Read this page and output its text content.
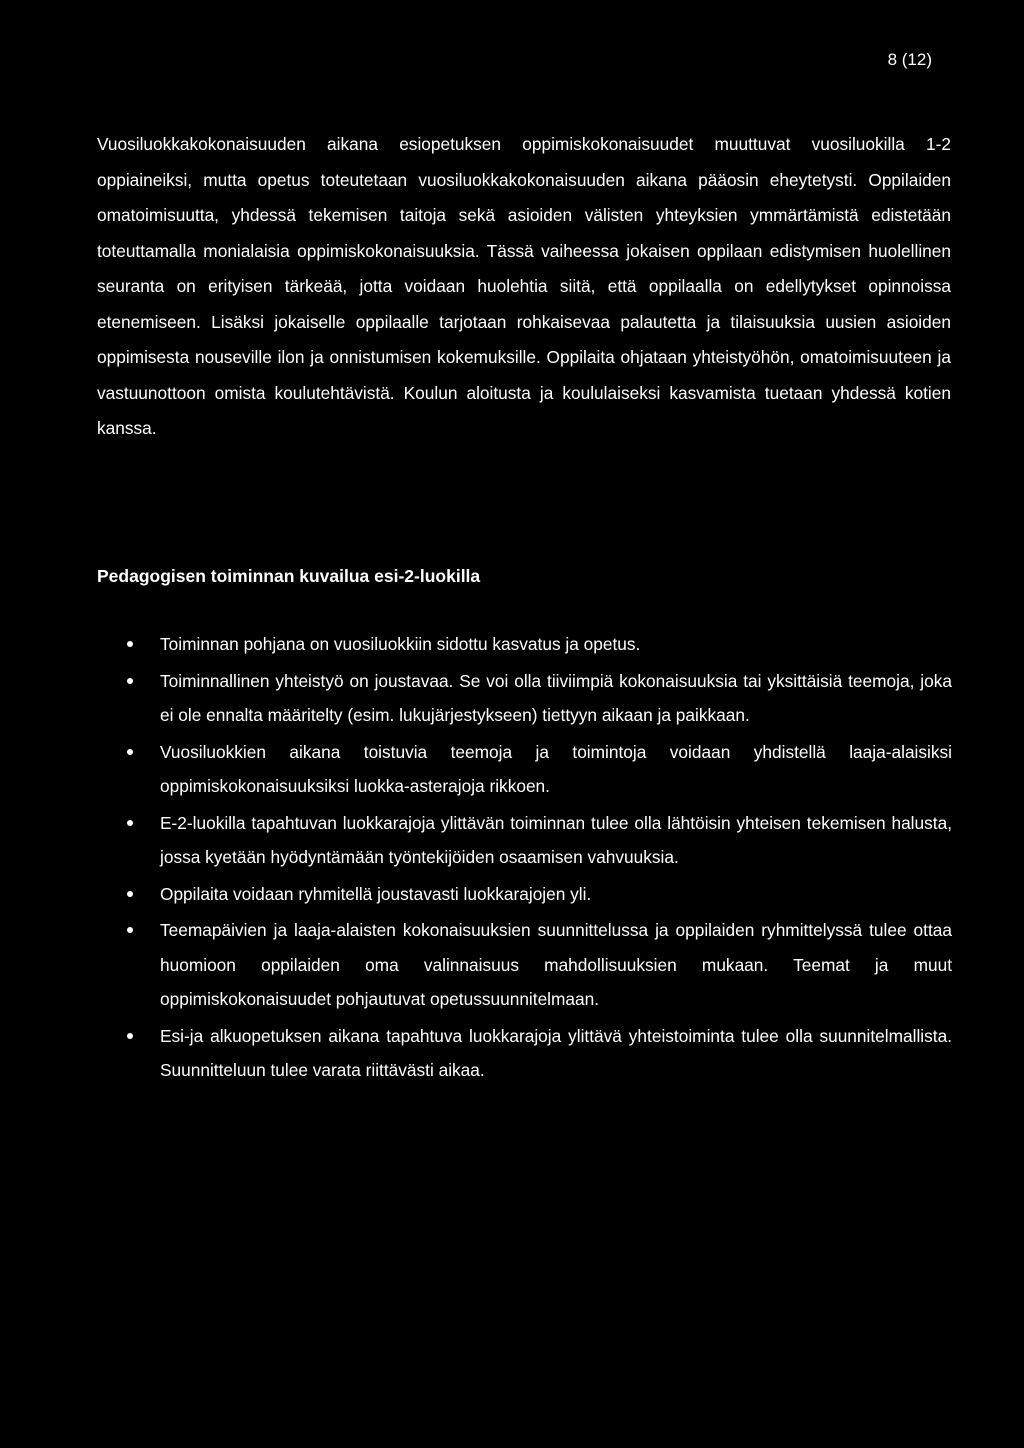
8 (12)

Vuosiluokkakokonaisuuden aikana esiopetuksen oppimiskokonaisuudet muuttuvat vuosiluokilla 1-2 oppiaineiksi, mutta opetus toteutetaan vuosiluokkakokonaisuuden aikana pääosin eheytetysti. Oppilaiden omatoimisuutta, yhdessä tekemisen taitoja sekä asioiden välisten yhteyksien ymmärtämistä edistetään toteuttamalla monialaisia oppimiskokonaisuuksia. Tässä vaiheessa jokaisen oppilaan edistymisen huolellinen seuranta on erityisen tärkeää, jotta voidaan huolehtia siitä, että oppilaalla on edellytykset opinnoissa etenemiseen. Lisäksi jokaiselle oppilaalle tarjotaan rohkaisevaa palautetta ja tilaisuuksia uusien asioiden oppimisesta nouseville ilon ja onnistumisen kokemuksille. Oppilaita ohjataan yhteistyöhön, omatoimisuuteen ja vastuunottoon omista koulutehtävistä. Koulun aloitusta ja koululaiseksi kasvamista tuetaan yhdessä kotien kanssa.

Pedagogisen toiminnan kuvailua esi-2-luokilla
Toiminnan pohjana on vuosiluokkiin sidottu kasvatus ja opetus.
Toiminnallinen yhteistyö on joustavaa. Se voi olla tiiviimpiä kokonaisuuksia tai yksittäisiä teemoja, joka ei ole ennalta määritelty (esim. lukujärjestykseen) tiettyyn aikaan ja paikkaan.
Vuosiluokkien aikana toistuvia teemoja ja toimintoja voidaan yhdistellä laaja-alaisiksi oppimiskokonaisuuksiksi luokka-asterajoja rikkoen.
E-2-luokilla tapahtuvan luokkarajoja ylittävän toiminnan tulee olla lähtöisin yhteisen tekemisen halusta, jossa kyetään hyödyntämään työntekijöiden osaamisen vahvuuksia.
Oppilaita voidaan ryhmitellä joustavasti luokkarajojen yli.
Teemapäivien ja laaja-alaisten kokonaisuuksien suunnittelussa ja oppilaiden ryhmittelyssä tulee ottaa huomioon oppilaiden oma valinnaisuus mahdollisuuksien mukaan. Teemat ja muut oppimiskokonaisuudet pohjautuvat opetussuunnitelmaan.
Esi-ja alkuopetuksen aikana tapahtuva luokkarajoja ylittävä yhteistoiminta tulee olla suunnitelmallista. Suunnitteluun tulee varata riittävästi aikaa.
